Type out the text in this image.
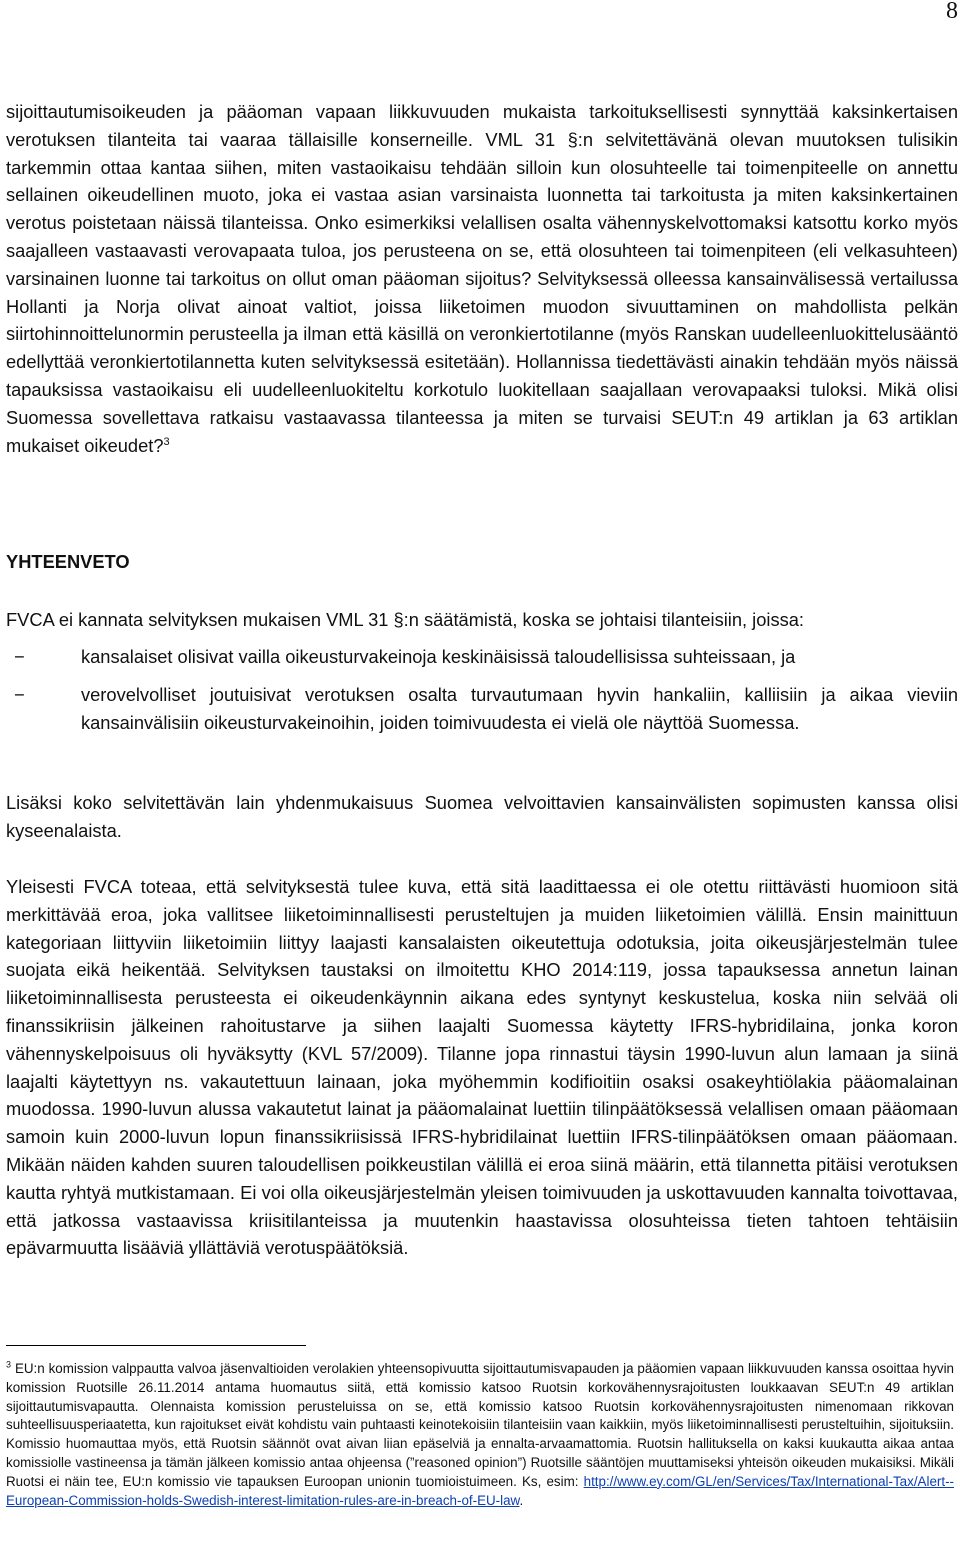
8

sijoittautumisoikeuden ja pääoman vapaan liikkuvuuden mukaista tarkoituksellisesti synnyttää kaksinkertaisen verotuksen tilanteita tai vaaraa tällaisille konserneille. VML 31 §:n selvitettävänä olevan muutoksen tulisikin tarkemmin ottaa kantaa siihen, miten vastaoikaisu tehdään silloin kun olosuhteelle tai toimenpiteelle on annettu sellainen oikeudellinen muoto, joka ei vastaa asian varsinaista luonnetta tai tarkoitusta ja miten kaksinkertainen verotus poistetaan näissä tilanteissa. Onko esimerkiksi velallisen osalta vähennyskelvottomaksi katsottu korko myös saajalleen vastaavasti verovapaata tuloa, jos perusteena on se, että olosuhteen tai toimenpiteen (eli velkasuhteen) varsinainen luonne tai tarkoitus on ollut oman pääoman sijoitus? Selvityksessä olleessa kansainvälisessä vertailussa Hollanti ja Norja olivat ainoat valtiot, joissa liiketoimen muodon sivuuttaminen on mahdollista pelkän siirtohinnoittelunormin perusteella ja ilman että käsillä on veronkiertotilanne (myös Ranskan uudelleenluokittelusääntö edellyttää veronkiertotilannetta kuten selvityksessä esitetään). Hollannissa tiedettävästi ainakin tehdään myös näissä tapauksissa vastaoikaisu eli uudelleenluokiteltu korkotulo luokitellaan saajallaan verovapaaksi tuloksi. Mikä olisi Suomessa sovellettava ratkaisu vastaavassa tilanteessa ja miten se turvaisi SEUT:n 49 artiklan ja 63 artiklan mukaiset oikeudet?$^3$

YHTEENVETO

FVCA ei kannata selvityksen mukaisen VML 31 §:n säätämistä, koska se johtaisi tilanteisiin, joissa:

− kansalaiset olisivat vailla oikeusturvakeinoja keskinäisissä taloudellisissa suhteissaan, ja
− verovelvolliset joutuisivat verotuksen osalta turvautumaan hyvin hankaliin, kalliisiin ja aikaa vieviin kansainvälisiin oikeusturvakeinoihin, joiden toimivuudesta ei vielä ole näyttöä Suomessa.

Lisäksi koko selvitettävän lain yhdenmukaisuus Suomea velvoittavien kansainvälisten sopimusten kanssa olisi kyseenalaista.

Yleisesti FVCA toteaa, että selvityksestä tulee kuva, että sitä laadittaessa ei ole otettu riittävästi huomioon sitä merkittävää eroa, joka vallitsee liiketoiminnallisesti perusteltujen ja muiden liiketoimien välillä. Ensin mainittuun kategoriaan liittyviin liiketoimiin liittyy laajasti kansalaisten oikeutettuja odotuksia, joita oikeusjärjestelmän tulee suojata eikä heikentää. Selvityksen taustaksi on ilmoitettu KHO 2014:119, jossa tapauksessa annetun lainan liiketoiminnallisesta perusteesta ei oikeudenkäynnin aikana edes syntynyt keskustelua, koska niin selvää oli finanssikriisin jälkeinen rahoitustarve ja siihen laajalti Suomessa käytetty IFRS-hybridilaina, jonka koron vähennyskelpoisuus oli hyväksytty (KVL 57/2009). Tilanne jopa rinnastui täysin 1990-luvun alun lamaan ja siinä laajalti käytettyyn ns. vakautettuun lainaan, joka myöhemmin kodifioitiin osaksi osakeyhtiölakia pääomalainan muodossa. 1990-luvun alussa vakautetut lainat ja pääomalainat luettiin tilinpäätöksessä velallisen omaan pääomaan samoin kuin 2000-luvun lopun finanssikriisissä IFRS-hybridilainat luettiin IFRS-tilinpäätöksen omaan pääomaan. Mikään näiden kahden suuren taloudellisen poikkeustilan välillä ei eroa siinä määrin, että tilannetta pitäisi verotuksen kautta ryhtyä mutkistamaan. Ei voi olla oikeusjärjestelmän yleisen toimivuuden ja uskottavuuden kannalta toivottavaa, että jatkossa vastaavissa kriisitilanteissa ja muutenkin haastavissa olosuhteissa tieten tahtoen tehtäisiin epävarmuutta lisääviä yllättäviä verotuspäätöksiä.

$^3$ EU:n komission valppautta valvoa jäsenvaltioiden verolakien yhteensopivuutta sijoittautumisvapauden ja pääomien vapaan liikkuvuuden kanssa osoittaa hyvin komission Ruotsille 26.11.2014 antama huomautus siitä, että komissio katsoo Ruotsin korkovähennysrajoitusten loukkaavan SEUT:n 49 artiklan sijoittautumisvapautta. Olennaista komission perusteluissa on se, että komissio katsoo Ruotsin korkovähennysrajoitusten nimenomaan rikkovan suhteellisuusperiaatetta, kun rajoitukset eivät kohdistu vain puhtaasti keinotekoisiin tilanteisiin vaan kaikkiin, myös liiketoiminnallisesti perusteltuihin, sijoituksiin. Komissio huomauttaa myös, että Ruotsin säännöt ovat aivan liian epäselviä ja ennalta-arvaamattomia. Ruotsin hallituksella on kaksi kuukautta aikaa antaa komissiolle vastineensa ja tämän jälkeen komissio antaa ohjeensa (”reasoned opinion”) Ruotsille sääntöjen muuttamiseksi yhteisön oikeuden mukaisiksi. Mikäli Ruotsi ei näin tee, EU:n komissio vie tapauksen Euroopan unionin tuomioistuimeen. Ks, esim: http://www.ey.com/GL/en/Services/Tax/International-Tax/Alert--European-Commission-holds-Swedish-interest-limitation-rules-are-in-breach-of-EU-law.
